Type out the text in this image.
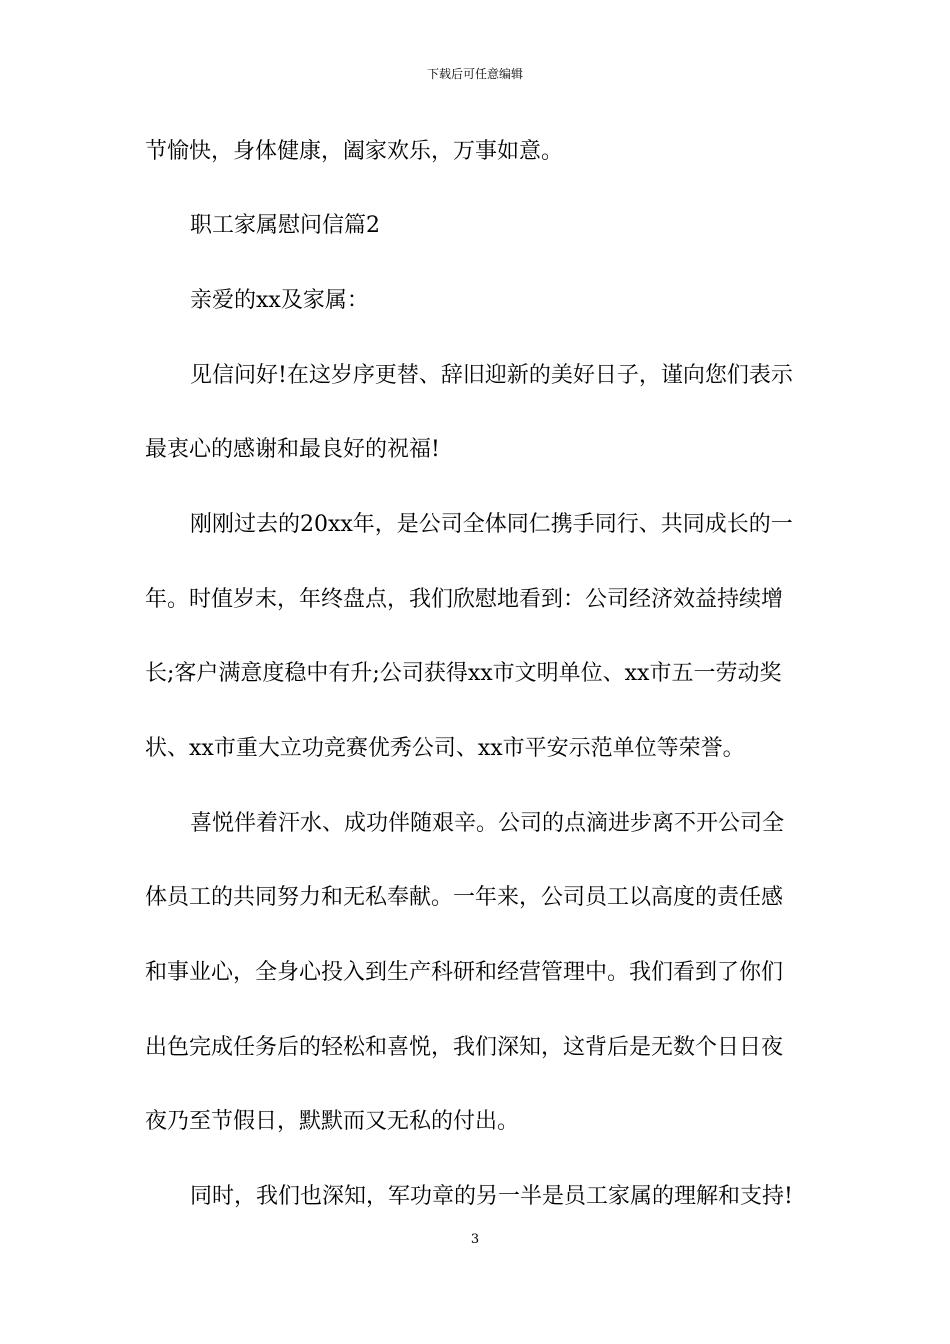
下载后可任意编辑
节愉快，身体健康，阖家欢乐，万事如意。
职工家属慰问信篇2
亲爱的xx及家属：
见信问好!在这岁序更替、辞旧迎新的美好日子，谨向您们表示
最衷心的感谢和最良好的祝福!
刚刚过去的20xx年，是公司全体同仁携手同行、共同成长的一
年。时值岁末，年终盘点，我们欣慰地看到：公司经济效益持续增
长;客户满意度稳中有升;公司获得xx市文明单位、xx市五一劳动奖
状、xx市重大立功竞赛优秀公司、xx市平安示范单位等荣誉。
喜悦伴着汗水、成功伴随艰辛。公司的点滴进步离不开公司全
体员工的共同努力和无私奉献。一年来，公司员工以高度的责任感
和事业心，全身心投入到生产科研和经营管理中。我们看到了你们
出色完成任务后的轻松和喜悦，我们深知，这背后是无数个日日夜
夜乃至节假日，默默而又无私的付出。
同时，我们也深知，军功章的另一半是员工家属的理解和支持!
3
